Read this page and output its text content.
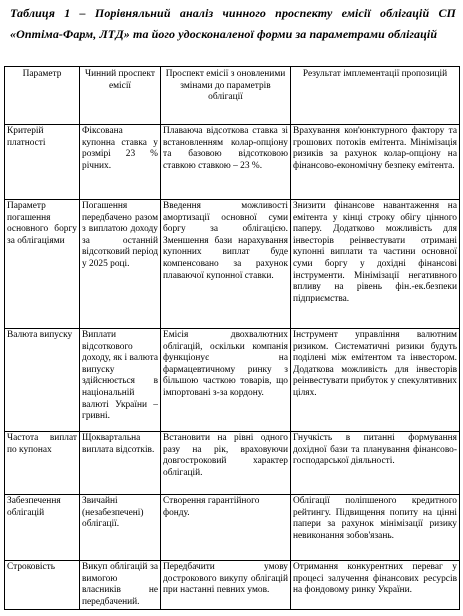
Таблиця 1 – Порівняльний аналіз чинного проспекту емісії облігацій СП «Оптіма-Фарм, ЛТД» та його удосконаленої форми за параметрами облігацій
Параметр	Чинний проспект емісії	Проспект емісії з оновленими змінами до параметрів облігації	Результат імплементації пропозицій
Критерій платності	Фіксована купонна ставка у розмірі 23 % річних.	Плаваюча відсоткова ставка зі встановленням колар-опціону та базовою відсотковою ставкою ставкою – 23 %.	Врахування кон'юнктурного фактору та грошових потоків емітента. Мінімізація ризиків за рахунок колар-опціону на фінансово-економічну безпеку емітента.
Параметр погашення основного боргу за облігаціями	Погашення передбачено разом з виплатою доходу за останній відсотковий період у 2025 році.	Введення можливості амортизації основної суми боргу за облігацією. Зменшення бази нарахування купонних виплат буде компенсовано за рахунок плаваючої купонної ставки.	Знизити фінансове навантаження на емітента у кінці строку обігу цінного паперу. Додатково можливість для інвесторів реінвестувати отримані купонні виплати та частини основної суми боргу у дохідні фінансові інструменти. Мінімізації негативного впливу на рівень фін.-ек.безпеки підприємства.
Валюта випуску	Виплати відсоткового доходу, як і валюта випуску здійснюється в національній валюті України – гривні.	Емісія двохвалютних облігацій, оскільки компанія функціонує на фармацевтичному ринку з більшою часткою товарів, що імпортовані з-за кордону.	Інструмент управління валютним ризиком. Систематичні ризики будуть поділені між емітентом та інвестором. Додаткова можливість для інвесторів реінвестувати прибуток у спекулятивних цілях.
Частота виплат по купонах	Щоквартальна виплата відсотків.	Встановити на рівні одного разу на рік, враховуючи довгостроковий характер облігацій.	Гнучкість в питанні формування дохідної бази та планування фінансово-господарської діяльності.
Забезпечення облігацій	Звичайні (незабезпечені) облігації.	Створення гарантійного фонду.	Облігації поліпшеного кредитного рейтингу. Підвищення попиту на цінні папери за рахунок мінімізації ризику невиконання зобов'язань.
Строковість	Викуп облігацій за вимогою власників не передбачений.	Передбачити умову дострокового викупу облігацій при настанні певних умов.	Отримання конкурентних переваг у процесі залучення фінансових ресурсів на фондовому ринку України.
